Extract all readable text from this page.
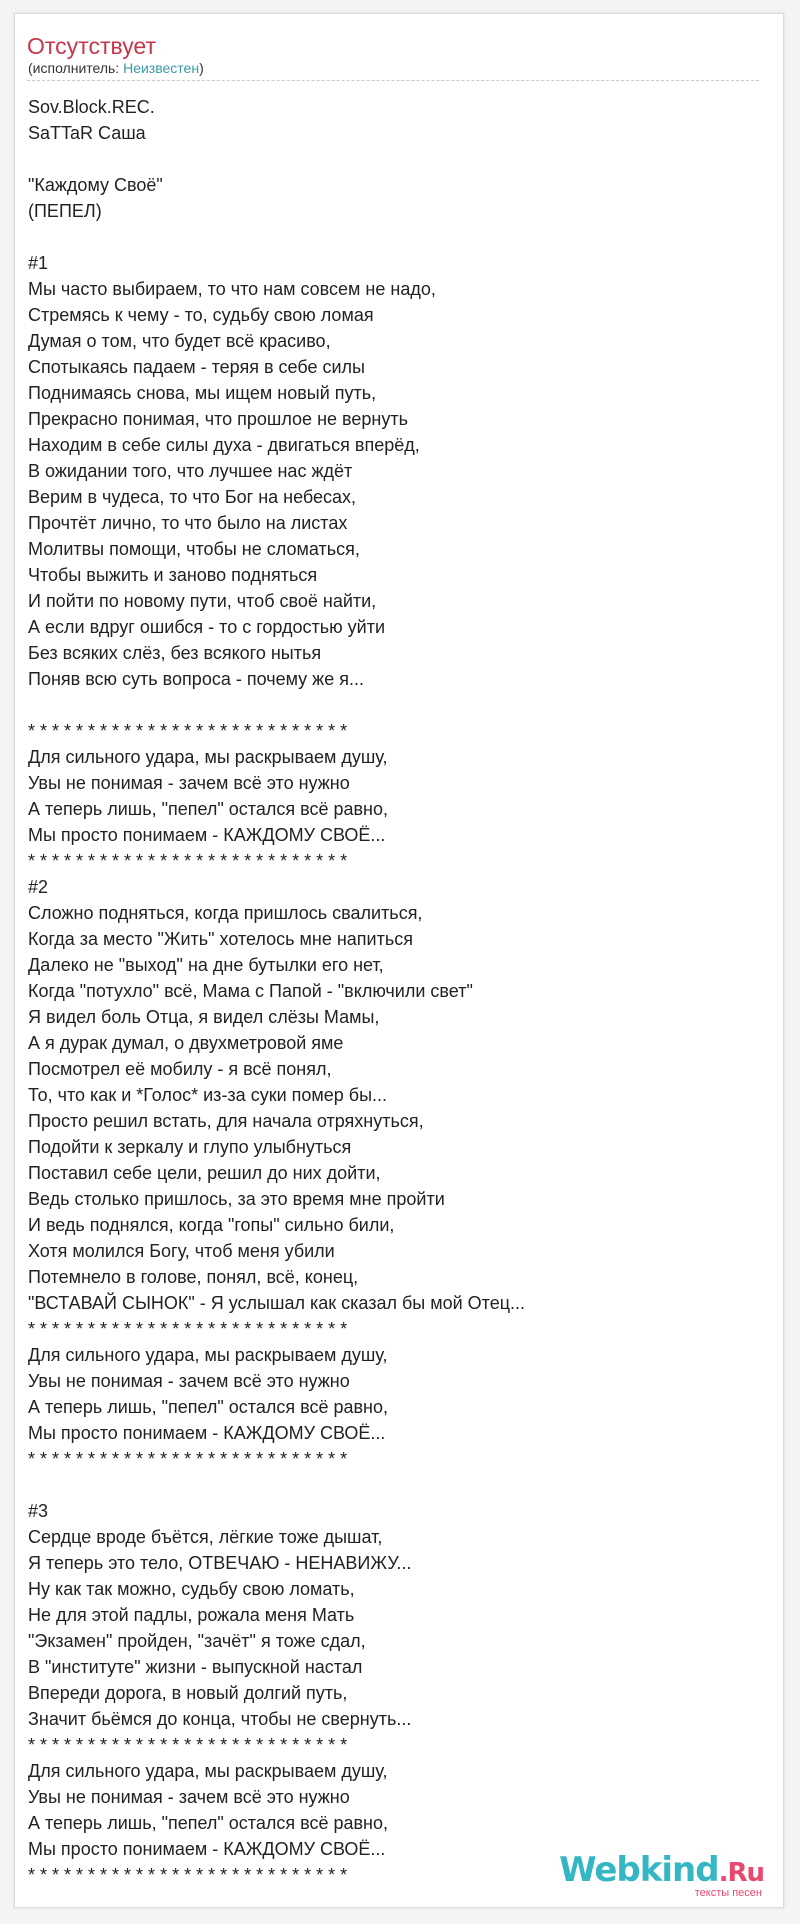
Отсутствует
(исполнитель: Неизвестен)
Sov.Block.REC.
SaTTaR Саша

"Каждому Своё"
(ПЕПЕЛ)

#1
Мы часто выбираем, то что нам совсем не надо,
Стремясь к чему - то, судьбу свою ломая
Думая о том, что будет всё красиво,
Спотыкаясь падаем - теряя в себе силы
Поднимаясь снова, мы ищем новый путь,
Прекрасно понимая, что прошлое не вернуть
Находим в себе силы духа - двигаться вперёд,
В ожидании того, что лучшее нас ждёт
Верим в чудеса, то что Бог на небесах,
Прочтёт лично, то что было на листах
Молитвы помощи, чтобы не сломаться,
Чтобы выжить и заново подняться
И пойти по новому пути, чтоб своё найти,
А если вдруг ошибся - то с гордостью уйти
Без всяких слёз, без всякого нытья
Поняв всю суть вопроса - почему же я...

* * * * * * * * * * * * * * * * * * * * * * * * * * *
Для сильного удара, мы раскрываем душу,
Увы не понимая - зачем всё это нужно
А теперь лишь, "пепел" остался всё равно,
Мы просто понимаем - КАЖДОМУ СВОЁ...
* * * * * * * * * * * * * * * * * * * * * * * * * * *
#2
Сложно подняться, когда пришлось свалиться,
Когда за место "Жить" хотелось мне напиться
Далеко не "выход" на дне бутылки его нет,
Когда "потухло" всё, Мама с Папой - "включили свет"
Я видел боль Отца, я видел слёзы Мамы,
А я дурак думал, о двухметровой яме
Посмотрел её мобилу - я всё понял,
То, что как и *Голос* из-за суки помер бы...
Просто решил встать, для начала отряхнуться,
Подойти к зеркалу и глупо улыбнуться
Поставил себе цели, решил до них дойти,
Ведь столько пришлось, за это время мне пройти
И ведь поднялся, когда "гопы" сильно били,
Хотя молился Богу, чтоб меня убили
Потемнело в голове, понял, всё, конец,
"ВСТАВАЙ СЫНОК" - Я услышал как сказал бы мой Отец...
* * * * * * * * * * * * * * * * * * * * * * * * * * *
Для сильного удара, мы раскрываем душу,
Увы не понимая - зачем всё это нужно
А теперь лишь, "пепел" остался всё равно,
Мы просто понимаем - КАЖДОМУ СВОЁ...
* * * * * * * * * * * * * * * * * * * * * * * * * * *

#3
Сердце вроде бъётся, лёгкие тоже дышат,
Я теперь это тело, ОТВЕЧАЮ - НЕНАВИЖУ...
Ну как так можно, судьбу свою ломать,
Не для этой падлы, рожала меня Мать
"Экзамен" пройден, "зачёт" я тоже сдал,
В "институте" жизни - выпускной настал
Впереди дорога, в новый долгий путь,
Значит бьёмся до конца, чтобы не свернуть...
* * * * * * * * * * * * * * * * * * * * * * * * * * *
Для сильного удара, мы раскрываем душу,
Увы не понимая - зачем всё это нужно
А теперь лишь, "пепел" остался всё равно,
Мы просто понимаем - КАЖДОМУ СВОЁ...
* * * * * * * * * * * * * * * * * * * * * * * * * * *	Webkind.Ru
тексты песен
